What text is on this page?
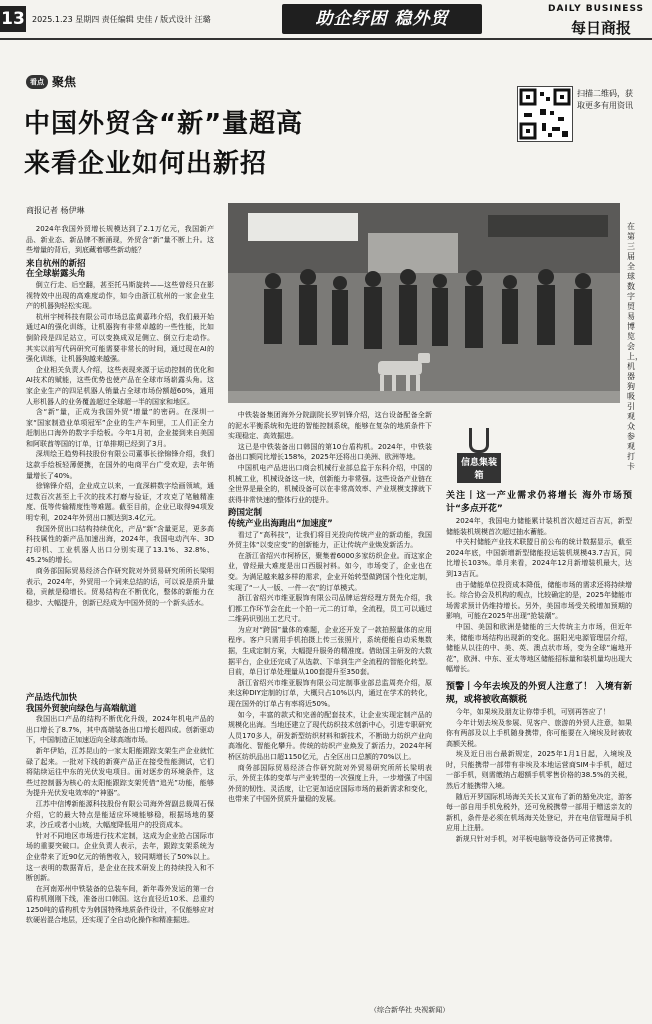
13 2025.1.23 星期四 责任编辑 史佳 / 版式设计 汪璐	助企纾困 稳外贸	DAILY BUSINESS
每日商报
看点 聚焦
中国外贸含“新”量超高
来看企业如何出新招
扫描二维码，获取更多有用资讯
商报记者 杨伊琳
在第三届全球数字贸易博览会上，机器狗吸引观众参观打卡

2024年我国外贸增长规模达到了2.1万亿元，我国新产品、新业态、新品牌不断涌现，外贸含“新”量不断上升。这些增量的背后，到底藏着哪些新动能？

来自杭州的新招

在全球崭露头角

倒立行走、后空翻，甚至托马斯旋转——这些曾经只在影视特效中出现的高难度动作，如今由浙江杭州的一家企业生产的机器狗轻松实现。

杭州宇树科技有限公司市场总监黄嘉玮介绍，我们最开始通过AI的强化训练，让机器狗有非常卓越的一些性能，比如倒阶段是四足站立，可以变换成双足侧立、倒立行走动作。其实以前写代码研究可能需要非常长的时间，通过现在AI的强化训练，让机器狗越来越强。

企业相关负责人介绍，这些表现来源于运动控制的优化和AI技术的赋能，这些优势也使产品在全球市场崭露头角。这家企业生产的四足机器人销量占全球市场份额超60%，通用人形机器人的业务覆盖超过全球超一半的国家和地区。

含“新”量，正成为我国外贸“增量”的密码。在深圳一家“国家制造业单项冠军”企业的生产车间里，工人们正全力赶制出口海外的数字手绘板。今年1月初，企业接到来自美国和阿联酋等国的订单，订单排期已经到了3月。

深圳绘王趋势科技股份有限公司董事长徐锦锋介绍，我们这款手绘板轻薄便携，在国外的电商平台广受欢迎，去年销量增长了40%。

徐锦锋介绍，企业成立以来，一直深耕数字绘画领域，通过数百次甚至上千次的技术打磨与验证，才攻克了笔触精准度、低等传输精度性等难题。截至目前，企业已取得94项发明专利，2024年外贸出口额达到3.4亿元。

我国外贸出口结构持续优化，产品“新”含量更足，更多高科技属性的新产品加速出海，2024年，我国电动汽车、3D打印机、工业机器人出口分别实现了13.1%、32.8%、45.2%的增长。

商务部国际贸易经济合作研究院对外贸易研究所所长梁明表示，2024年，外贸用一个词来总结的话，可以说是质升量稳，贡献是稳增长。贸易结构在不断优化，整体的新能力在稳步、大幅提升，创新已经成为中国外贸的一个新头活水。

产品迭代加快

我国外贸驶向绿色与高端航道

我国出口产品的结构不断优化升级，2024年机电产品的出口增长了8.7%，其中高端装备出口增长超四成。创新驱动下，中国制造正加速迈向全球高端市场。

新年伊始，江苏昆山的一家太阳能跟踪支架生产企业就忙碌了起来。一批对下线的新赛产品正在接受性能测试，它们将陆续运往中东的光伏发电项目。面对逐步的环境条件，这些过控制器为核心的太阳能跟踪支架凭借“追光”功能，能够为提升光伏发电效率的“神器”。

江苏中信博新能源科技股份有限公司海外营副总裁周石保介绍，它的最大特点是能适应环境能够稳，根据场地的要求，沙丘或者小山坡，大幅度降低用户的投资成本。

针对不同地区市场进行技术定制，这成为企业抢占国际市场的重要突破口。企业负责人表示，去年，跟踪支架系统为企业带来了近90亿元的销售收入，较同期增长了50%以上。这一表明的数据背后，是企业在技术研发上的持续投入和不断创新。

在河南郑州中铁装备的总装车间，新年毒外发运的第一台盾构机刚刚下线，准备出口韩国。这台直径近10米、总重约1250吨的盾构机专为韩国特殊地质条件设计，不仅能够应对软硬岩混合地层，还实现了全自动化操作和精准掘进。

中铁装备集团海外分院副院长罗钊锋介绍，这台设备配备全新的泥水平衡系统和先进的智能控制系统，能够在复杂的地质条件下实现稳定、高效掘进。

这已是中铁装备出口韩国的第10台盾构机。2024年，中铁装备出口额同比增长158%，2025年还将出口美洲、欧洲等地。

中国机电产品进出口商会机械行业部总监于东科介绍，中国的机械工业，机械设备这一块，创新能力非常强。这些设备产业链在全世界是最全的，机械设备可以在非常高效率、产业规模支撑就下获得非常快速的整体行业的提升。

跨国定制

传统产业出海跑出“加速度”

看过了“高科技”，让我们将目光投向传统产业的新动能，我国外贸主体“以变应变”的创新能力，正让传统产业焕发新活力。

在浙江省绍兴市柯桥区，聚集着6000多家纺织企业。而这家企业，曾经最大难度是出口西服衬料。如今，市场变了，企业也在变。为满足越来越多样的需求，企业开始转型做跨国个性化定制，实现了“一人一版、一件一衣”的订单模式。

浙江省绍兴市维亚服饰有限公司品牌运营经理方贤先介绍，我们都工作环节会在此一个拍一元二的订单，全流程，员工可以通过二维码识别出工艺尺寸。

为应对“跨国”量体的难题，企业还开发了一款拍照量体的应用程序。客户只需用手机拍摄上传三张照片，系统便能自动采集数据，生成定制方案，大幅提升服务的精准度。借助国主研发的大数据平台，企业还完成了从选款、下单到生产全流程的智能化转型。目前，单日订单处理量从100套提升至350套。

浙江省绍兴市维亚服饰有限公司定制事业部总监周亮介绍，原来这种DIY定制的订单，大概只占10%以内，通过在学术的转化，现在国外的订单占有率将近50%。

如今，丰富的款式和完善的配套技术，让企业实现定制产品的规模化出海。当地还建立了现代纺织技术创新中心，引进专职研究人员170多人，研发新型纺织材料和新技术，不断助力纺织产业向高端化、智能化攀升。传统的纺织产业焕发了新活力，2024年柯桥区纺织品出口超1150亿元，占全区出口总额的70%以上。

商务部国际贸易经济合作研究院对外贸易研究所所长梁明表示，外贸主体的变革与产业转型的一次强度上升，一步增强了中国外贸的韧性、灵活度，让它更加适应国际市场的最新需求和变化，也带来了中国外贸质升量稳的发展。

信息集装箱

关注丨这一产业需求仍将增长 海外市场预计“多点开花”

2024年，我国电力储能累计装机首次超过百吉瓦，新型储能装机规模首次超过抽水蓄能。

中关村储能产业技术联盟日前公布的统计数据显示，截至2024年底，中国新增新型储能投运装机规模43.7吉瓦，同比增长103%。单月来看，2024年12月新增装机最大，达到13吉瓦。

由于储能单位投资成本降低，储能市场的需求还将持续增长。综合协会及机构的观点，比较确定的是，2025年储能市场需求预计仍维持增长。另外，美国市场受关税增加预期的影响，可能在2025年出现“抢装潮”。

中国、美国和欧洲是储能的三大传统主力市场，但近年来，储能市场结构出现新的变化。据阳光电源管理层介绍，储能从以往的中、美、英、澳点状市场，变为全球“遍地开花”，欧洲、中东、亚太等地区储能招标量和装机量均出现大幅增长。

预警丨今年去埃及的外贸人注意了！ 入境有新规，或将被收高额税

今年，如果埃及朋友让你带手机，可别再答应了！

今年计划去埃及参展、见客户、旅游的外贸人注意，如果你有两部及以上手机随身携带，你可能要在入境埃及时被收高额关税。

埃及近日出台最新规定，2025年1月1日起，入境埃及时，只能携带一部带有非埃及本地运营商SIM卡手机，超过一部手机，则需缴纳占超额手机零售价格的38.5%的关税，然后才能携带入境。

随后开罗国际机场海关关长又宣布了新的豁免决定，游客每一部自用手机免税外，还可免税携带一部用于赠送亲友的新机，条件是必须在机场海关处登记，并在电信管理局手机应用上注册。

新规只针对手机，对平板电脑等设备仍可正常携带。

（综合新华社 央视新闻）
